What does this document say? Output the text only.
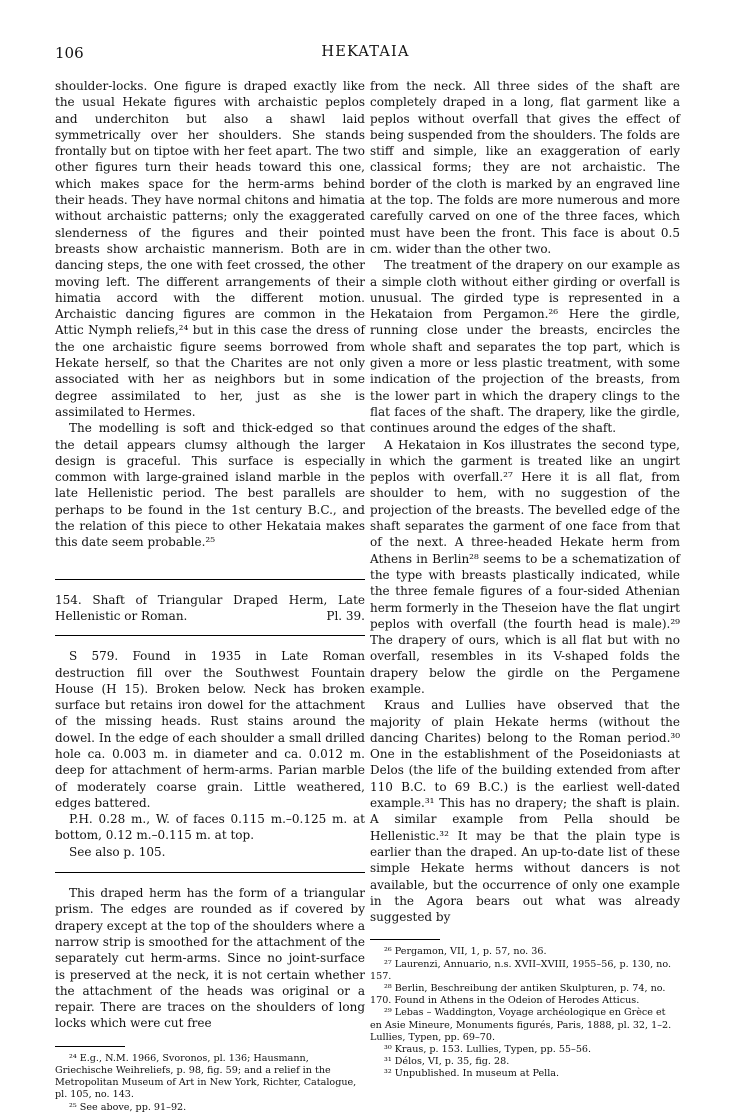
106	HEKATAIA

shoulder-locks. One figure is draped exactly like the usual Hekate figures with archaistic peplos and underchiton but also a shawl laid symmetrically over her shoulders. She stands frontally but on tiptoe with her feet apart. The two other figures turn their heads toward this one, which makes space for the herm-arms behind their heads. They have normal chitons and himatia without archaistic patterns; only the exaggerated slenderness of the figures and their pointed breasts show archaistic mannerism. Both are in dancing steps, the one with feet crossed, the other moving left. The different arrangements of their himatia accord with the different motion. Archaistic dancing figures are common in the Attic Nymph reliefs,²⁴ but in this case the dress of the one archaistic figure seems borrowed from Hekate herself, so that the Charites are not only associated with her as neighbors but in some degree assimilated to her, just as she is assimilated to Hermes.

The modelling is soft and thick-edged so that the detail appears clumsy although the larger design is graceful. This surface is especially common with large-grained island marble in the late Hellenistic period. The best parallels are perhaps to be found in the 1st century B.C., and the relation of this piece to other Hekataia makes this date seem probable.²⁵

154. Shaft of Triangular Draped Herm, Late Hellenistic or Roman.	Pl. 39.

S 579. Found in 1935 in Late Roman destruction fill over the Southwest Fountain House (H 15). Broken below. Neck has broken surface but retains iron dowel for the attachment of the missing heads. Rust stains around the dowel. In the edge of each shoulder a small drilled hole ca. 0.003 m. in diameter and ca. 0.012 m. deep for attachment of herm-arms. Parian marble of moderately coarse grain. Little weathered, edges battered.

P.H. 0.28 m., W. of faces 0.115 m.–0.125 m. at bottom, 0.12 m.–0.115 m. at top.

See also p. 105.

This draped herm has the form of a triangular prism. The edges are rounded as if covered by drapery except at the top of the shoulders where a narrow strip is smoothed for the attachment of the separately cut herm-arms. Since no joint-surface is preserved at the neck, it is not certain whether the attachment of the heads was original or a repair. There are traces on the shoulders of long locks which were cut free

²⁴ E.g., N.M. 1966, Svoronos, pl. 136; Hausmann, Griechische Weihreliefs, p. 98, fig. 59; and a relief in the Metropolitan Museum of Art in New York, Richter, Catalogue, pl. 105, no. 143.

²⁵ See above, pp. 91–92.

from the neck. All three sides of the shaft are completely draped in a long, flat garment like a peplos without overfall that gives the effect of being suspended from the shoulders. The folds are stiff and simple, like an exaggeration of early classical forms; they are not archaistic. The border of the cloth is marked by an engraved line at the top. The folds are more numerous and more carefully carved on one of the three faces, which must have been the front. This face is about 0.5 cm. wider than the other two.

The treatment of the drapery on our example as a simple cloth without either girding or overfall is unusual. The girded type is represented in a Hekataion from Pergamon.²⁶ Here the girdle, running close under the breasts, encircles the whole shaft and separates the top part, which is given a more or less plastic treatment, with some indication of the projection of the breasts, from the lower part in which the drapery clings to the flat faces of the shaft. The drapery, like the girdle, continues around the edges of the shaft.

A Hekataion in Kos illustrates the second type, in which the garment is treated like an ungirt peplos with overfall.²⁷ Here it is all flat, from shoulder to hem, with no suggestion of the projection of the breasts. The bevelled edge of the shaft separates the garment of one face from that of the next. A three-headed Hekate herm from Athens in Berlin²⁸ seems to be a schematization of the type with breasts plastically indicated, while the three female figures of a four-sided Athenian herm formerly in the Theseion have the flat ungirt peplos with overfall (the fourth head is male).²⁹ The drapery of ours, which is all flat but with no overfall, resembles in its V-shaped folds the drapery below the girdle on the Pergamene example.

Kraus and Lullies have observed that the majority of plain Hekate herms (without the dancing Charites) belong to the Roman period.³⁰ One in the establishment of the Poseidoniasts at Delos (the life of the building extended from after 110 B.C. to 69 B.C.) is the earliest well-dated example.³¹ This has no drapery; the shaft is plain. A similar example from Pella should be Hellenistic.³² It may be that the plain type is earlier than the draped. An up-to-date list of these simple Hekate herms without dancers is not available, but the occurrence of only one example in the Agora bears out what was already suggested by

²⁶ Pergamon, VII, 1, p. 57, no. 36.

²⁷ Laurenzi, Annuario, n.s. XVII–XVIII, 1955–56, p. 130, no. 157.

²⁸ Berlin, Beschreibung der antiken Skulpturen, p. 74, no. 170. Found in Athens in the Odeion of Herodes Atticus.

²⁹ Lebas – Waddington, Voyage archéologique en Grèce et en Asie Mineure, Monuments figurés, Paris, 1888, pl. 32, 1–2. Lullies, Typen, pp. 69–70.

³⁰ Kraus, p. 153. Lullies, Typen, pp. 55–56.

³¹ Délos, VI, p. 35, fig. 28.

³² Unpublished. In museum at Pella.
